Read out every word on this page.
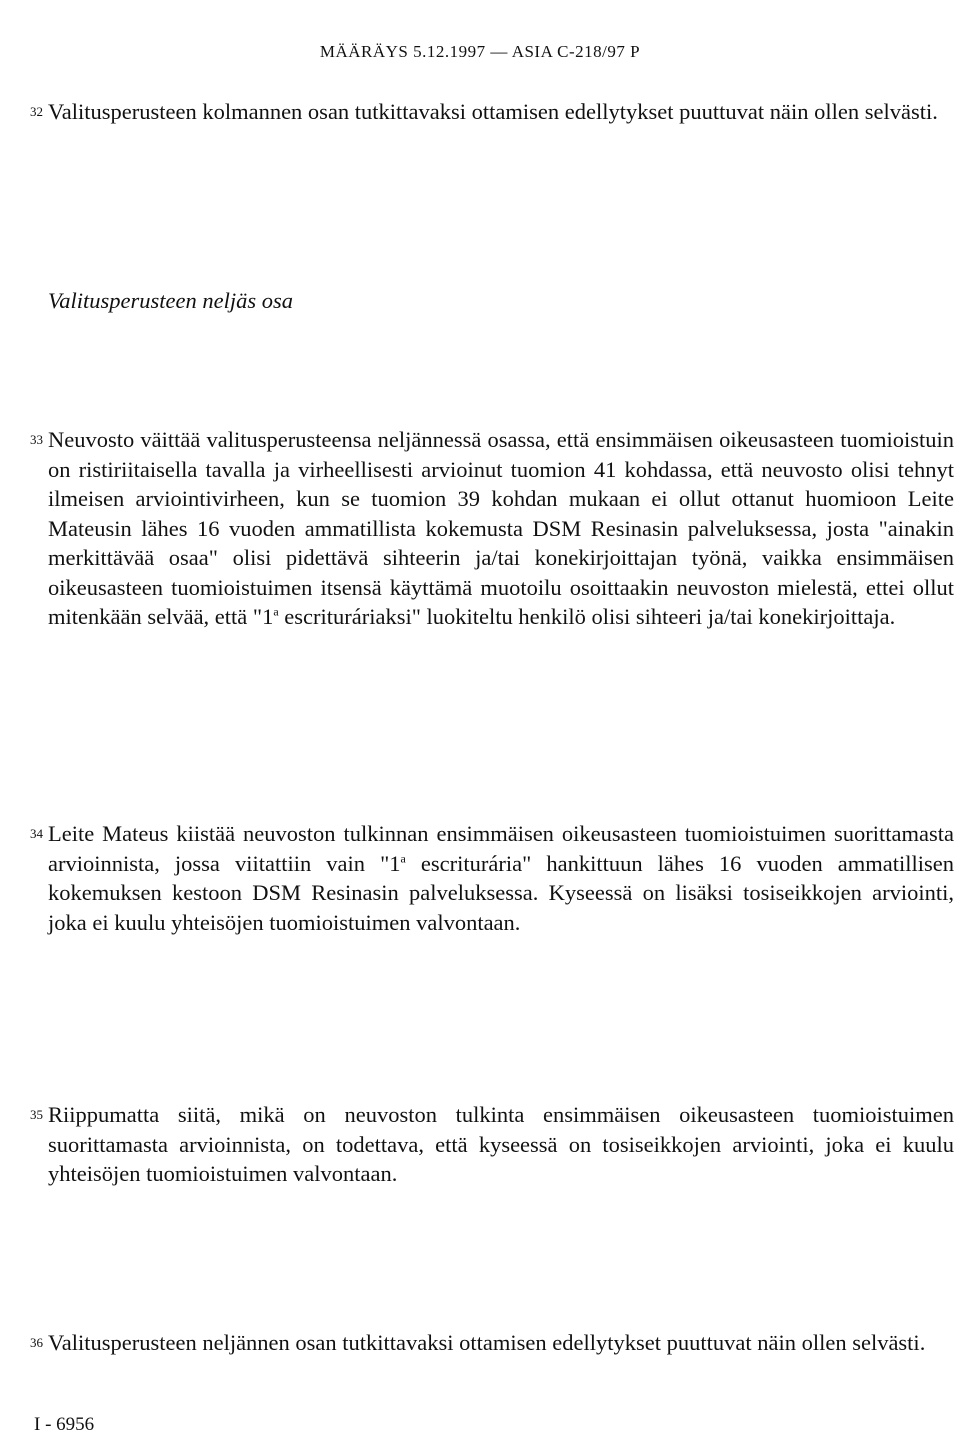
MÄÄRÄYS 5.12.1997 — ASIA C-218/97 P
32 Valitusperusteen kolmannen osan tutkittavaksi ottamisen edellytykset puuttuvat näin ollen selvästi.

Valitusperusteen neljäs osa
33 Neuvosto väittää valitusperusteensa neljännessä osassa, että ensimmäisen oikeusasteen tuomioistuin on ristiriitaisella tavalla ja virheellisesti arvioinut tuomion 41 kohdassa, että neuvosto olisi tehnyt ilmeisen arviointivirheen, kun se tuomion 39 kohdan mukaan ei ollut ottanut huomioon Leite Mateusin lähes 16 vuoden ammatillista kokemusta DSM Resinasin palveluksessa, josta "ainakin merkittävää osaa" olisi pidettävä sihteerin ja/tai konekirjoittajan työnä, vaikka ensimmäisen oikeusasteen tuomioistuimen itsensä käyttämä muotoilu osoittaakin neuvoston mielestä, ettei ollut mitenkään selvää, että "1$^a$ escrituráriaksi" luokiteltu henkilö olisi sihteeri ja/tai konekirjoittaja.

34 Leite Mateus kiistää neuvoston tulkinnan ensimmäisen oikeusasteen tuomioistuimen suorittamasta arvioinnista, jossa viitattiin vain "1$^a$ escriturária" hankittuun lähes 16 vuoden ammatillisen kokemuksen kestoon DSM Resinasin palveluksessa. Kyseessä on lisäksi tosiseikkojen arviointi, joka ei kuulu yhteisöjen tuomioistuimen valvontaan.

35 Riippumatta siitä, mikä on neuvoston tulkinta ensimmäisen oikeusasteen tuomioistuimen suorittamasta arvioinnista, on todettava, että kyseessä on tosiseikkojen arviointi, joka ei kuulu yhteisöjen tuomioistuimen valvontaan.

36 Valitusperusteen neljännen osan tutkittavaksi ottamisen edellytykset puuttuvat näin ollen selvästi.

I - 6956
